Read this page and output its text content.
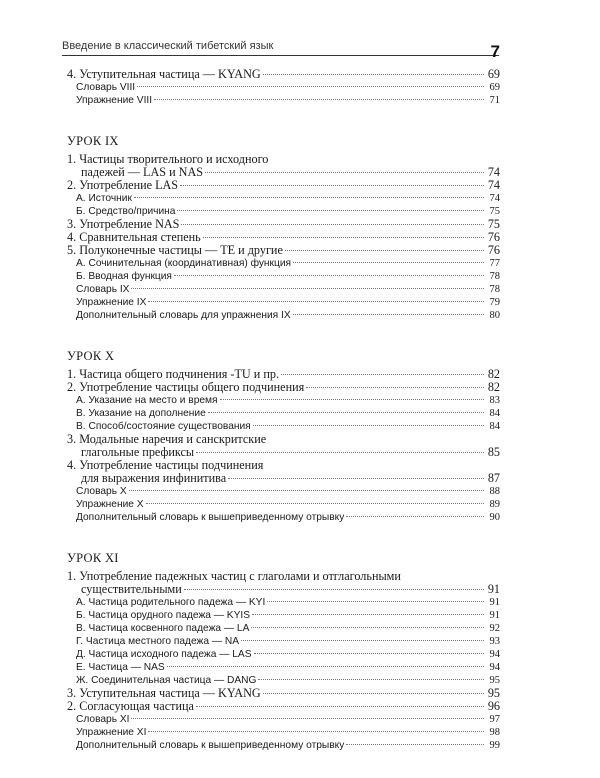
Введение в классический тибетский язык	7
4. Уступительная частица — KYANG	69
Словарь VIII	69
Упражнение VIII	71
УРОК IX
1. Частицы творительного и исходного
падежей — LAS и NAS	74
2. Употребление LAS	74
А. Источник	74
Б. Средство/причина	75
3. Употребление NAS	75
4. Сравнительная степень	76
5. Полуконечные частицы — TE и другие	76
А. Сочинительная (координативная) функция	77
Б. Вводная функция	78
Словарь IX	78
Упражнение IX	79
Дополнительный словарь для упражнения IX	80
УРОК X
1. Частица общего подчинения -TU и пр.	82
2. Употребление частицы общего подчинения	82
А. Указание на место и время	83
В. Указание на дополнение	84
В. Способ/состояние существования	84
3. Модальные наречия и санскритские
глагольные префиксы	85
4. Употребление частицы подчинения
для выражения инфинитива	87
Словарь X	88
Упражнение X	89
Дополнительный словарь к вышеприведенному отрывку	90
УРОК XI
1. Употребление падежных частиц с глаголами и отглагольными
существительными	91
А. Частица родительного падежа — KYI	91
Б. Частица орудного падежа — KYIS	91
В. Частица косвенного падежа — LA	92
Г. Частица местного падежа — NA	93
Д. Частица исходного падежа — LAS	94
Е. Частица — NAS	94
Ж. Соединительная частица — DANG	95
3. Уступительная частица — KYANG	95
2. Согласующая частица	96
Словарь XI	97
Упражнение XI	98
Дополнительный словарь к вышеприведенному отрывку	99
